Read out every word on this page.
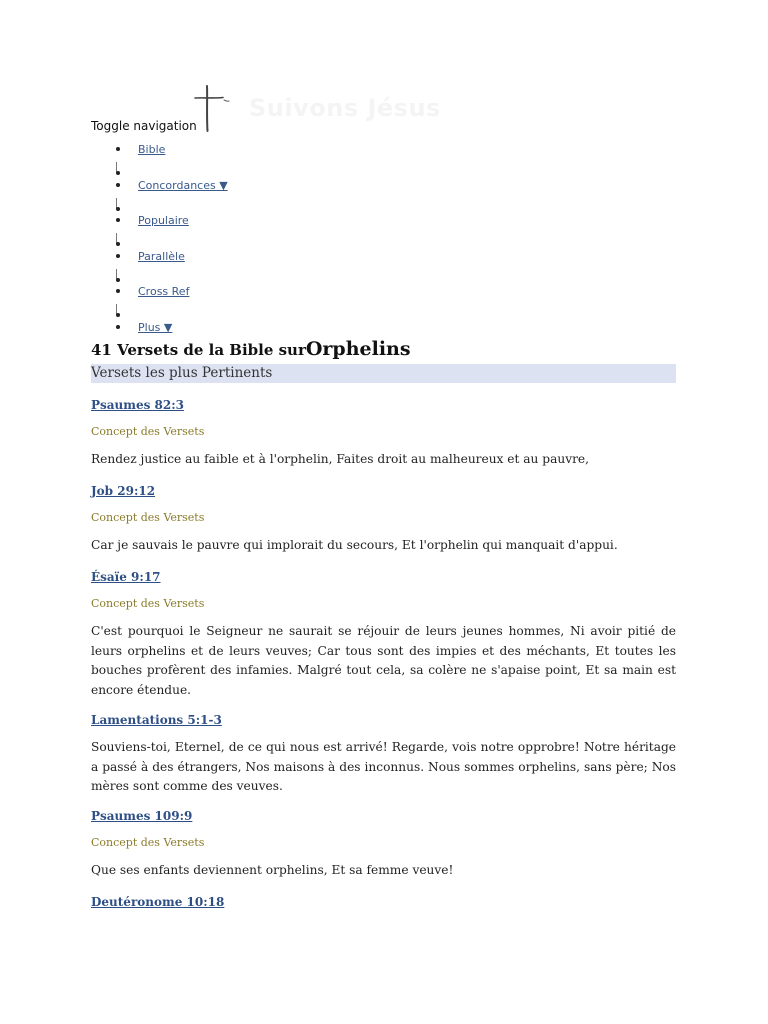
Toggle navigation
Suivons Jésus
Bible
Concordances ▼
Populaire
Parallèle
Cross Ref
Plus ▼
41 Versets de la Bible surOrphelins
Versets les plus Pertinents
Psaumes 82:3
Concept des Versets
Rendez justice au faible et à l'orphelin, Faites droit au malheureux et au pauvre,
Job 29:12
Concept des Versets
Car je sauvais le pauvre qui implorait du secours, Et l'orphelin qui manquait d'appui.
Ésaïe 9:17
Concept des Versets
C'est pourquoi le Seigneur ne saurait se réjouir de leurs jeunes hommes, Ni avoir pitié de leurs orphelins et de leurs veuves; Car tous sont des impies et des méchants, Et toutes les bouches profèrent des infamies. Malgré tout cela, sa colère ne s'apaise point, Et sa main est encore étendue.
Lamentations 5:1-3
Souviens-toi, Eternel, de ce qui nous est arrivé! Regarde, vois notre opprobre! Notre héritage a passé à des étrangers, Nos maisons à des inconnus. Nous sommes orphelins, sans père; Nos mères sont comme des veuves.
Psaumes 109:9
Concept des Versets
Que ses enfants deviennent orphelins, Et sa femme veuve!
Deutéronome 10:18
